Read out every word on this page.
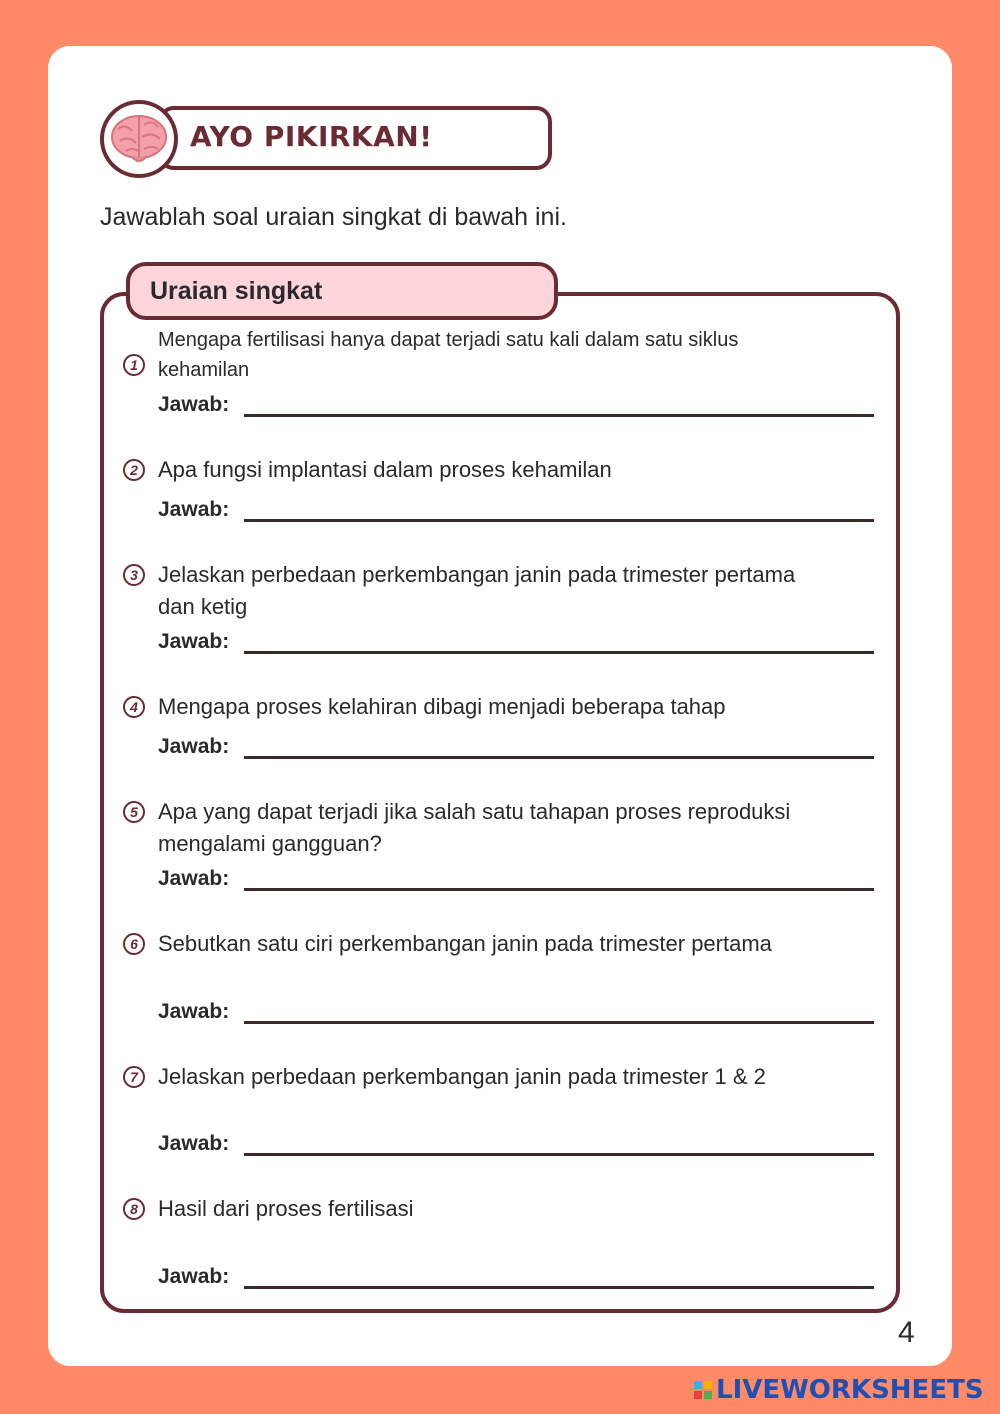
AYO PIKIRKAN!

Jawablah soal uraian singkat di bawah ini.

Uraian singkat
1

Mengapa fertilisasi hanya dapat terjadi satu kali dalam satu siklus kehamilan

Jawab:
2 Apa fungsi implantasi dalam proses kehamilan

Jawab:
3 Jelaskan perbedaan perkembangan janin pada trimester pertama dan ketig

Jawab:
4 Mengapa proses kelahiran dibagi menjadi beberapa tahap

Jawab:
5 Apa yang dapat terjadi jika salah satu tahapan proses reproduksi mengalami gangguan?

Jawab:
6 Sebutkan satu ciri perkembangan janin pada trimester pertama

Jawab:
7 Jelaskan perbedaan perkembangan janin pada trimester 1 & 2

Jawab:
8 Hasil dari proses fertilisasi

Jawab:
4
LIVEWORKSHEETS
